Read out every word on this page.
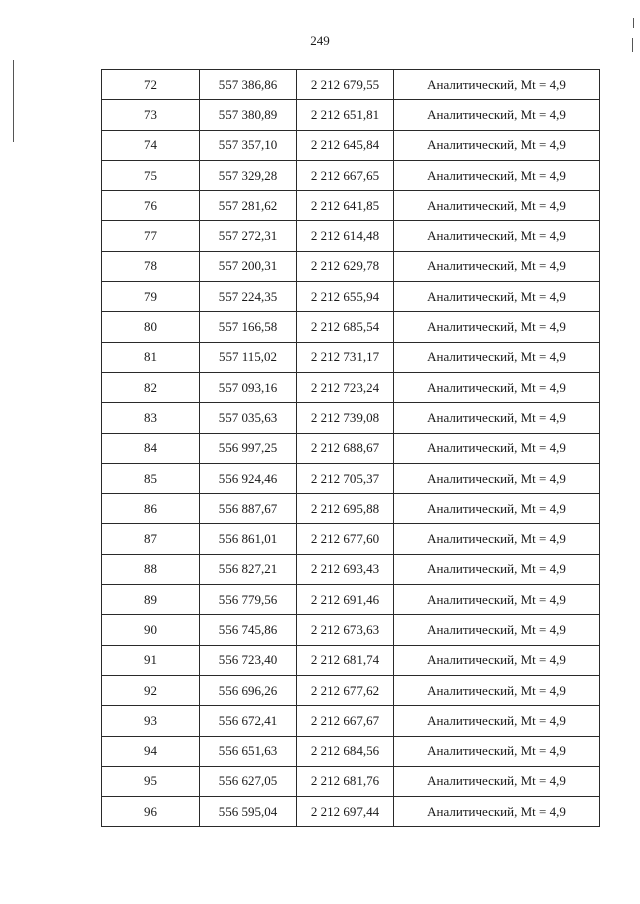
249
72	557 386,86	2 212 679,55	Аналитический, Mt = 4,9
73	557 380,89	2 212 651,81	Аналитический, Mt = 4,9
74	557 357,10	2 212 645,84	Аналитический, Mt = 4,9
75	557 329,28	2 212 667,65	Аналитический, Mt = 4,9
76	557 281,62	2 212 641,85	Аналитический, Mt = 4,9
77	557 272,31	2 212 614,48	Аналитический, Mt = 4,9
78	557 200,31	2 212 629,78	Аналитический, Mt = 4,9
79	557 224,35	2 212 655,94	Аналитический, Mt = 4,9
80	557 166,58	2 212 685,54	Аналитический, Mt = 4,9
81	557 115,02	2 212 731,17	Аналитический, Mt = 4,9
82	557 093,16	2 212 723,24	Аналитический, Mt = 4,9
83	557 035,63	2 212 739,08	Аналитический, Mt = 4,9
84	556 997,25	2 212 688,67	Аналитический, Mt = 4,9
85	556 924,46	2 212 705,37	Аналитический, Mt = 4,9
86	556 887,67	2 212 695,88	Аналитический, Mt = 4,9
87	556 861,01	2 212 677,60	Аналитический, Mt = 4,9
88	556 827,21	2 212 693,43	Аналитический, Mt = 4,9
89	556 779,56	2 212 691,46	Аналитический, Mt = 4,9
90	556 745,86	2 212 673,63	Аналитический, Mt = 4,9
91	556 723,40	2 212 681,74	Аналитический, Mt = 4,9
92	556 696,26	2 212 677,62	Аналитический, Mt = 4,9
93	556 672,41	2 212 667,67	Аналитический, Mt = 4,9
94	556 651,63	2 212 684,56	Аналитический, Mt = 4,9
95	556 627,05	2 212 681,76	Аналитический, Mt = 4,9
96	556 595,04	2 212 697,44	Аналитический, Mt = 4,9
